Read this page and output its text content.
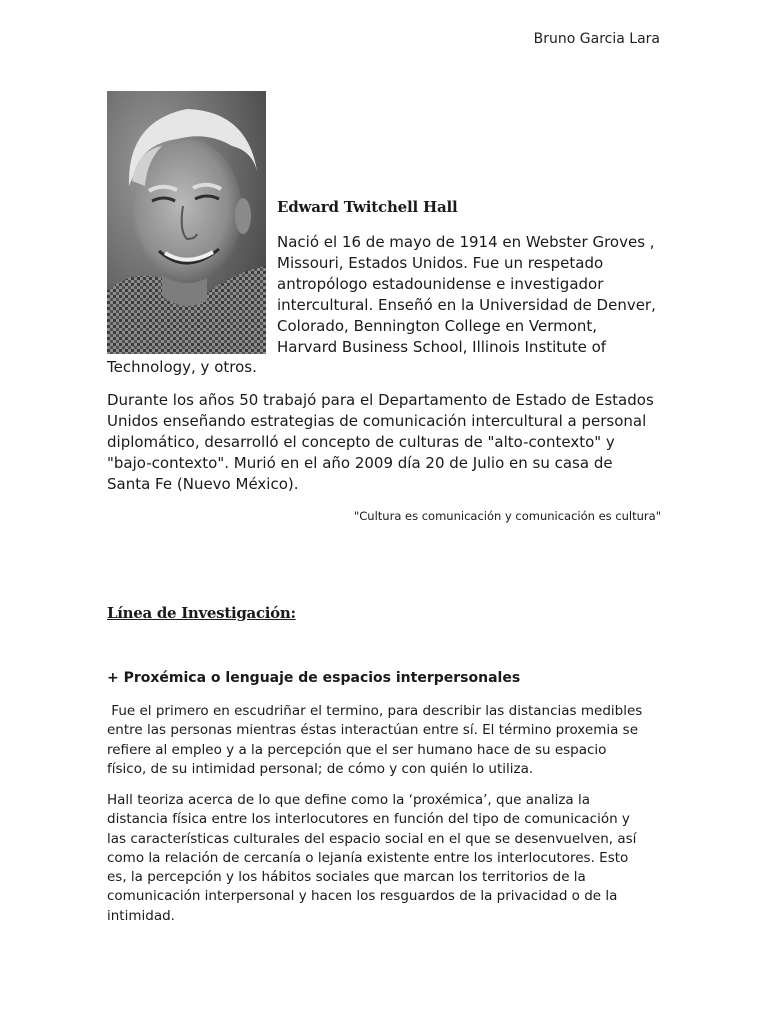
Bruno Garcia Lara
Edward Twitchell Hall
Nació el 16 de mayo de 1914 en Webster Groves ,
Missouri, Estados Unidos. Fue un respetado
antropólogo estadounidense e investigador
intercultural. Enseñó en la Universidad de Denver,
Colorado, Bennington College en Vermont,
Harvard Business School, Illinois Institute of
Technology, y otros.
Durante los años 50 trabajó para el Departamento de Estado de Estados
Unidos enseñando estrategias de comunicación intercultural a personal
diplomático, desarrolló el concepto de culturas de "alto-contexto" y
"bajo-contexto". Murió en el año 2009 día 20 de Julio en su casa de
Santa Fe (Nuevo México).
"Cultura es comunicación y comunicación es cultura"
Línea de Investigación:
+ Proxémica o lenguaje de espacios interpersonales
Fue el primero en escudriñar el termino, para describir las distancias medibles
entre las personas mientras éstas interactúan entre sí. El término proxemia se
refiere al empleo y a la percepción que el ser humano hace de su espacio
físico, de su intimidad personal; de cómo y con quién lo utiliza.
Hall teoriza acerca de lo que define como la ‘proxémica’, que analiza la
distancia física entre los interlocutores en función del tipo de comunicación y
las características culturales del espacio social en el que se desenvuelven, así
como la relación de cercanía o lejanía existente entre los interlocutores. Esto
es, la percepción y los hábitos sociales que marcan los territorios de la
comunicación interpersonal y hacen los resguardos de la privacidad o de la
intimidad.
